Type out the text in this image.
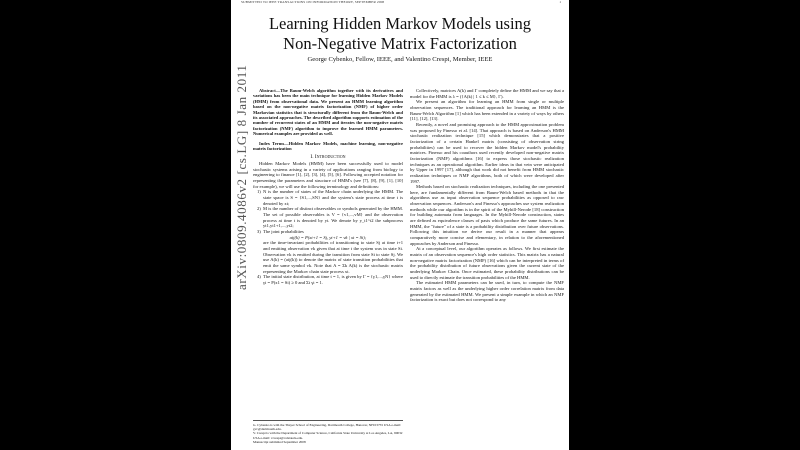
SUBMITTED TO IEEE TRANSACTIONS ON INFORMATION THEORY, SEPTEMBER 2008	1
Learning Hidden Markov Models using
Non-Negative Matrix Factorization
George Cybenko, Fellow, IEEE, and Valentino Crespi, Member, IEEE
arXiv:0809.4086v2 [cs.LG] 8 Jan 2011	Abstract—The Baum-Welch algorithm together with its derivatives and variations has been the main technique for learning Hidden Markov Models (HMM) from observational data. We present an HMM learning algorithm based on the non-negative matrix factorization (NMF) of higher order Markovian statistics that is structurally different from the Baum-Welch and its associated approaches. The described algorithm supports estimation of the number of recurrent states of an HMM and iterates the non-negative matrix factorization (NMF) algorithm to improve the learned HMM parameters. Numerical examples are provided as well.

Index Terms—Hidden Markov Models, machine learning, non-negative matrix factorization

I. Introduction

Hidden Markov Models (HMM) have been successfully used to model stochastic systems arising in a variety of applications ranging from biology to engineering to finance [1], [2], [3], [4], [5], [6]. Following accepted notation for representing the parameters and structure of HMM's (see [7], [8], [9], [1], [10] for example), we will use the following terminology and definitions:

1) N is the number of states of the Markov chain underlying the HMM. The state space is S = {S1,...,SN} and the system's state process at time t is denoted by xt;
2) M is the number of distinct observables or symbols generated by the HMM. The set of possible observables is V = {v1,...,vM} and the observation process at time t is denoted by yt. We denote by y_t1^t2 the subprocess yt1,yt1+1,...,yt2;
3) The joint probabilities

aij(k) = P(xt+1 = Sj, yt+1 = vk | xt = Si);

are the time-invariant probabilities of transitioning to state Sj at time t+1 and emitting observation vk given that at time t the system was in state Si. Observation vk is emitted during the transition from state Si to state Sj. We use A(k) = (aij(k)) to denote the matrix of state transition probabilities that emit the same symbol vk. Note that A = Σk A(k) is the stochastic matrix representing the Markov chain state process xt.
4) The initial state distribution, at time t = 1, is given by Γ = {γ1,...,γN} where γi = P(x1 = Si) ≥ 0 and Σi γi = 1.
G. Cybenko is with the Thayer School of Engineering, Dartmouth College, Hanover, NH 03755 USA e-mail: gvc@dartmouth.edu.
V. Crespi is with the Department of Computer Science, California State University at Los Angeles, LA, 90032 USA e-mail: vcrespi@calstatela.edu.
Manuscript submitted September 2008

Collectively, matrices A(k) and Γ completely define the HMM and we say that a model for the HMM is λ = ({A(k) | 1 ≤ k ≤ M}, Γ).

We present an algorithm for learning an HMM from single or multiple observation sequences. The traditional approach for learning an HMM is the Baum-Welch Algorithm [1] which has been extended in a variety of ways by others [11], [12], [13].

Recently, a novel and promising approach to the HMM approximation problem was proposed by Finesso et al. [14]. That approach is based on Anderson's HMM stochastic realization technique [15] which demonstrates that a positive factorization of a certain Hankel matrix (consisting of observation string probabilities) can be used to recover the hidden Markov model's probability matrices. Finesso and his coauthors used recently developed non-negative matrix factorization (NMF) algorithms [16] to express those stochastic realization techniques as an operational algorithm. Earlier ideas in that vein were anticipated by Upper in 1997 [17], although that work did not benefit from HMM stochastic realization techniques or NMF algorithms, both of which were developed after 1997.

Methods based on stochastic realization techniques, including the one presented here, are fundamentally different from Baum-Welch based methods in that the algorithms use as input observation sequence probabilities as opposed to raw observation sequences. Anderson's and Finesso's approaches use system realization methods while our algorithm is in the spirit of the Myhill-Nerode [18] construction for building automata from languages. In the Myhill-Nerode construction, states are defined as equivalence classes of pasts which produce the same futures. In an HMM, the "future" of a state is a probability distribution over future observations. Following this intuition we derive our result in a manner that appears comparatively more concise and elementary, in relation to the aforementioned approaches by Anderson and Finesso.

At a conceptual level, our algorithm operates as follows. We first estimate the matrix of an observation sequence's high order statistics. This matrix has a natural non-negative matrix factorization (NMF) [16] which can be interpreted in terms of the probability distribution of future observations given the current state of the underlying Markov Chain. Once estimated, these probability distributions can be used to directly estimate the transition probabilities of the HMM.

The estimated HMM parameters can be used, in turn, to compute the NMF matrix factors as well as the underlying higher order correlation matrix from data generated by the estimated HMM. We present a simple example in which an NMF factorization is exact but does not correspond to any
